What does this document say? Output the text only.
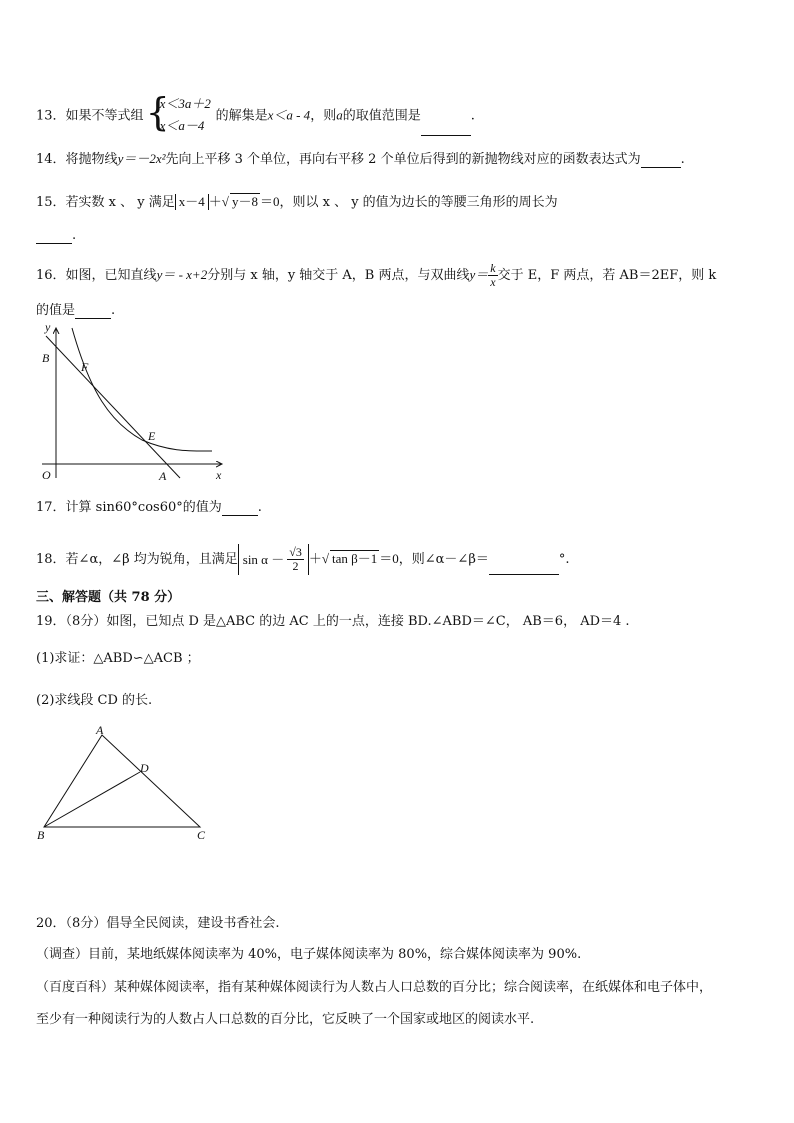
13．如果不等式组 {
x＜3a＋2
x＜a－4
的解集是x＜a - 4，则a的取值范围是	.
14．将抛物线y＝－2x²先向上平移 3 个单位，再向右平移 2 个单位后得到的新抛物线对应的函数表达式为	.
15．若实数 x 、 y 满足 x－4 ＋√ y－8 ＝0，则以 x 、 y 的值为边长的等腰三角形的周长为
.
16．如图，已知直线y＝ - x+2分别与 x 轴，y 轴交于 A，B 两点，与双曲线$y= \frac{k}{x}$ 交于 E，F 两点，若 AB＝2EF，则 k
的值是	.
y
B
F
E
O	A	x
17．计算 sin60°cos60°的值为	.
18．若∠α，∠β 均为锐角，且满足 $\sin \alpha - \frac{√3}{2}$ ＋√ tan β－1 ＝0，则∠α－∠β＝	°.
三、解答题（共 78 分）
19．（8分）如图，已知点 D 是△ABC 的边 AC 上的一点，连接 BD.∠ABD＝∠C， AB＝6， AD＝4 .
(1)求证：△ABD∽△ACB ；
(2)求线段 CD 的长.
A
D
B	C
20．（8分）倡导全民阅读，建设书香社会.
（调查）目前，某地纸媒体阅读率为 40%，电子媒体阅读率为 80%，综合媒体阅读率为 90%.
（百度百科）某种媒体阅读率，指有某种媒体阅读行为人数占人口总数的百分比；综合阅读率，在纸媒体和电子体中，
至少有一种阅读行为的人数占人口总数的百分比，它反映了一个国家或地区的阅读水平.
